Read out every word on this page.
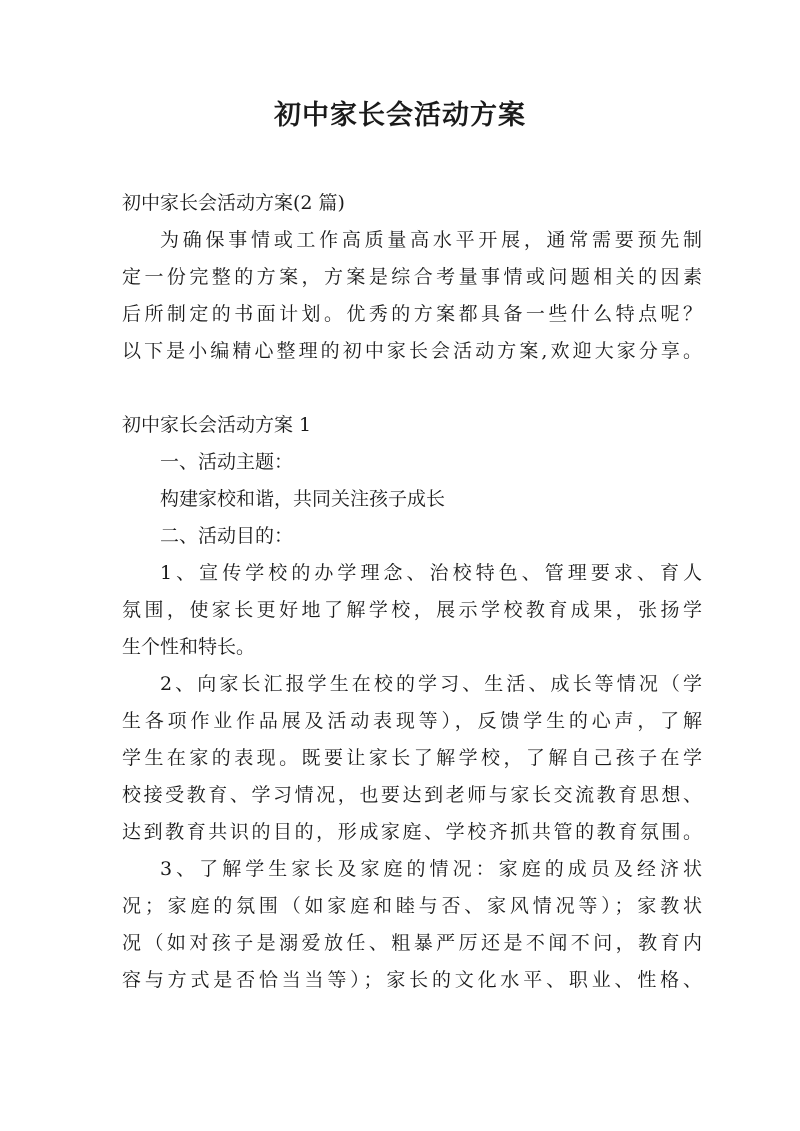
初中家长会活动方案
初中家长会活动方案(2 篇)
为确保事情或工作高质量高水平开展，通常需要预先制
定一份完整的方案，方案是综合考量事情或问题相关的因素
后所制定的书面计划。优秀的方案都具备一些什么特点呢？
以下是小编精心整理的初中家长会活动方案,欢迎大家分享。
初中家长会活动方案 1
一、活动主题：
构建家校和谐，共同关注孩子成长
二、活动目的：
1、宣传学校的办学理念、治校特色、管理要求、育人
氛围，使家长更好地了解学校，展示学校教育成果，张扬学
生个性和特长。
2、向家长汇报学生在校的学习、生活、成长等情况（学
生各项作业作品展及活动表现等），反馈学生的心声，了解
学生在家的表现。既要让家长了解学校，了解自己孩子在学
校接受教育、学习情况，也要达到老师与家长交流教育思想、
达到教育共识的目的，形成家庭、学校齐抓共管的教育氛围。
3、了解学生家长及家庭的情况：家庭的成员及经济状
况；家庭的氛围（如家庭和睦与否、家风情况等）；家教状
况（如对孩子是溺爱放任、粗暴严厉还是不闻不问，教育内
容与方式是否恰当当等）；家长的文化水平、职业、性格、
